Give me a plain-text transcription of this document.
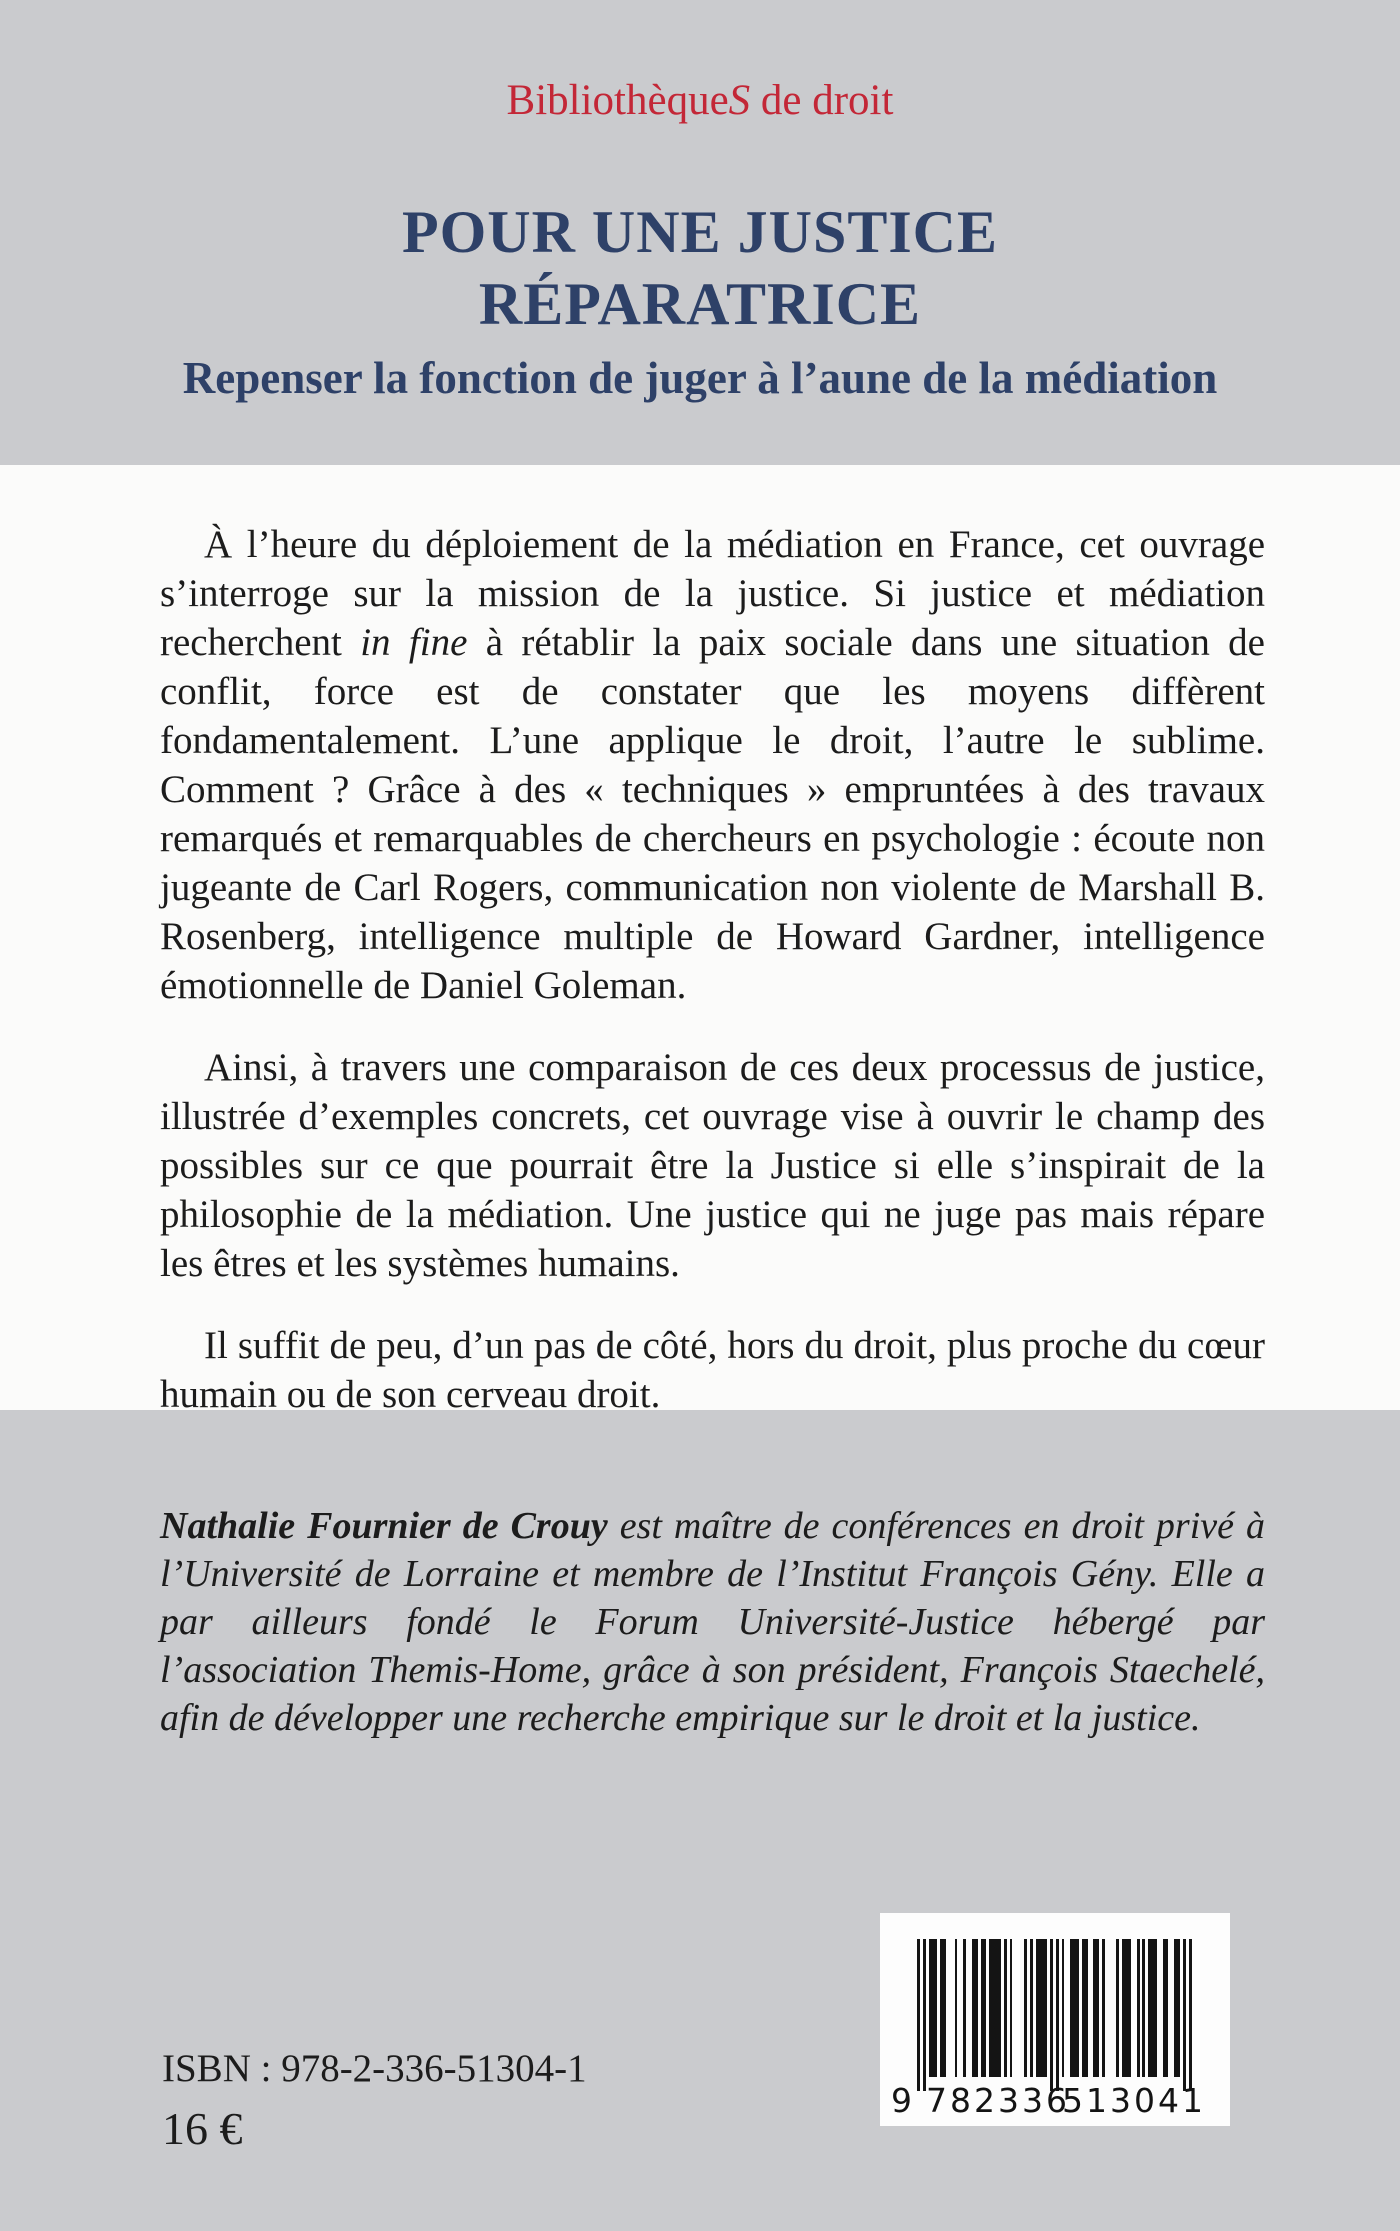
BibliothèqueS de droit
POUR UNE JUSTICE
RÉPARATRICE
Repenser la fonction de juger à l’aune de la médiation

À l’heure du déploiement de la médiation en France, cet ouvrage s’interroge sur la mission de la justice. Si justice et médiation recherchent in fine à rétablir la paix sociale dans une situation de conflit, force est de constater que les moyens diffèrent fondamentalement. L’une applique le droit, l’autre le sublime. Comment ? Grâce à des « techniques » empruntées à des travaux remarqués et remarquables de chercheurs en psychologie : écoute non jugeante de Carl Rogers, communication non violente de Marshall B. Rosenberg, intelligence multiple de Howard Gardner, intelligence émotionnelle de Daniel Goleman.

Ainsi, à travers une comparaison de ces deux processus de justice, illustrée d’exemples concrets, cet ouvrage vise à ouvrir le champ des possibles sur ce que pourrait être la Justice si elle s’inspirait de la philosophie de la médiation. Une justice qui ne juge pas mais répare les êtres et les systèmes humains.

Il suffit de peu, d’un pas de côté, hors du droit, plus proche du cœur humain ou de son cerveau droit.

Nathalie Fournier de Crouy est maître de conférences en droit privé à l’Université de Lorraine et membre de l’Institut François Gény. Elle a par ailleurs fondé le Forum Université-Justice hébergé par l’association Themis-Home, grâce à son président, François Staechelé, afin de développer une recherche empirique sur le droit et la justice.
9 782336
513041
ISBN : 978-2-336-51304-1
16 €
